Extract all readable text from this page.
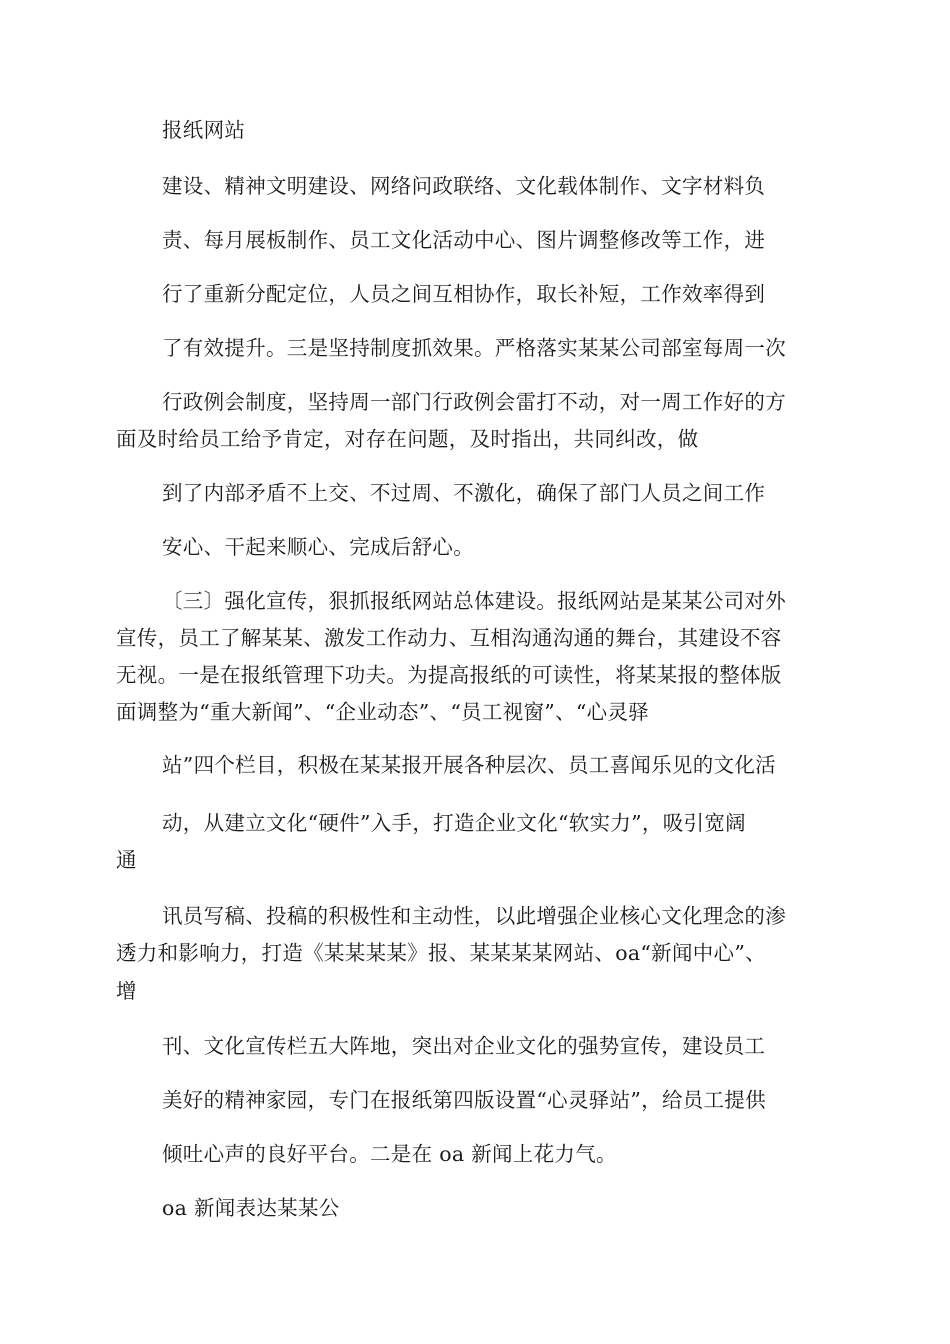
报纸网站
建设、精神文明建设、网络问政联络、文化载体制作、文字材料负
责、每月展板制作、员工文化活动中心、图片调整修改等工作，进
行了重新分配定位，人员之间互相协作，取长补短，工作效率得到
了有效提升。三是坚持制度抓效果。严格落实某某公司部室每周一次
行政例会制度，坚持周一部门行政例会雷打不动，对一周工作好的方
面及时给员工给予肯定，对存在问题，及时指出，共同纠改，做
到了内部矛盾不上交、不过周、不激化，确保了部门人员之间工作
安心、干起来顺心、完成后舒心。
〔三〕强化宣传，狠抓报纸网站总体建设。报纸网站是某某公司对外
宣传，员工了解某某、激发工作动力、互相沟通沟通的舞台，其建设不容
无视。一是在报纸管理下功夫。为提高报纸的可读性，将某某报的整体版
面调整为“重大新闻”、“企业动态”、“员工视窗”、“心灵驿
站”四个栏目，积极在某某报开展各种层次、员工喜闻乐见的文化活
动，从建立文化“硬件”入手，打造企业文化“软实力”，吸引宽阔
通
讯员写稿、投稿的积极性和主动性，以此增强企业核心文化理念的渗
透力和影响力，打造《某某某某》报、某某某某网站、oa“新闻中心”、
增
刊、文化宣传栏五大阵地，突出对企业文化的强势宣传，建设员工
美好的精神家园，专门在报纸第四版设置“心灵驿站”，给员工提供
倾吐心声的良好平台。二是在 oa 新闻上花力气。
oa 新闻表达某某公
